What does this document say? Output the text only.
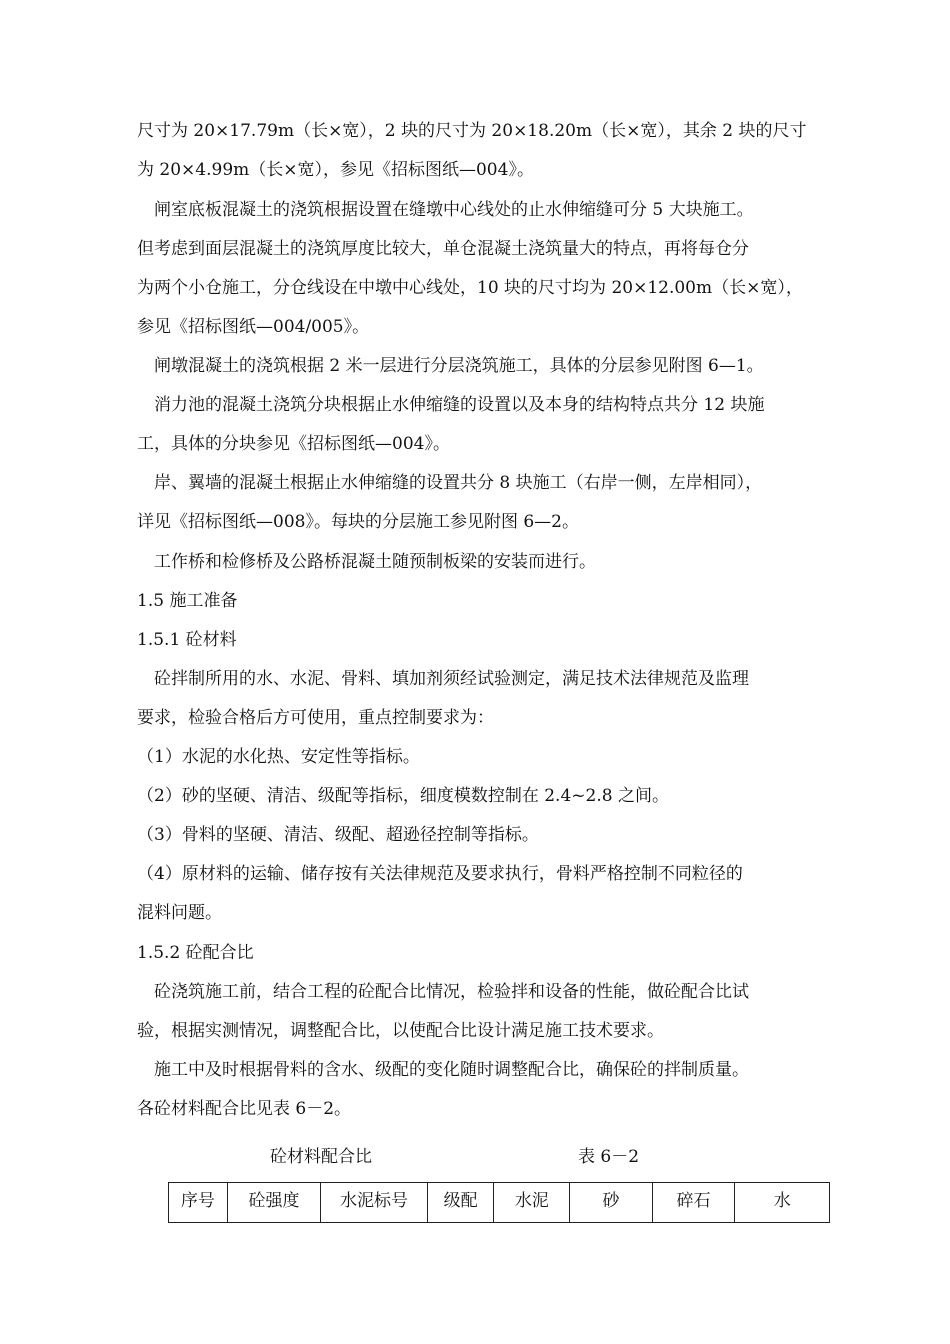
尺寸为 20×17.79m（长×宽），2 块的尺寸为 20×18.20m（长×宽），其余 2 块的尺寸
为 20×4.99m（长×宽），参见《招标图纸—004》。
　闸室底板混凝土的浇筑根据设置在缝墩中心线处的止水伸缩缝可分 5 大块施工。
但考虑到面层混凝土的浇筑厚度比较大，单仓混凝土浇筑量大的特点，再将每仓分
为两个小仓施工，分仓线设在中墩中心线处，10 块的尺寸均为 20×12.00m（长×宽），
参见《招标图纸—004/005》。
　闸墩混凝土的浇筑根据 2 米一层进行分层浇筑施工，具体的分层参见附图 6—1。
　消力池的混凝土浇筑分块根据止水伸缩缝的设置以及本身的结构特点共分 12 块施
工，具体的分块参见《招标图纸—004》。
　岸、翼墙的混凝土根据止水伸缩缝的设置共分 8 块施工（右岸一侧，左岸相同），
详见《招标图纸—008》。每块的分层施工参见附图 6—2。
　工作桥和检修桥及公路桥混凝土随预制板梁的安装而进行。
1.5 施工准备
1.5.1 砼材料
　砼拌制所用的水、水泥、骨料、填加剂须经试验测定，满足技术法律规范及监理
要求，检验合格后方可使用，重点控制要求为：
（1）水泥的水化热、安定性等指标。
（2）砂的坚硬、清洁、级配等指标，细度模数控制在 2.4~2.8 之间。
（3）骨料的坚硬、清洁、级配、超逊径控制等指标。
（4）原材料的运输、储存按有关法律规范及要求执行，骨料严格控制不同粒径的
混料问题。
1.5.2 砼配合比
　砼浇筑施工前，结合工程的砼配合比情况，检验拌和设备的性能，做砼配合比试
验，根据实测情况，调整配合比，以使配合比设计满足施工技术要求。
　施工中及时根据骨料的含水、级配的变化随时调整配合比，确保砼的拌制质量。
各砼材料配合比见表 6－2。
砼材料配合比	表 6－2
序号	砼强度	水泥标号	级配	水泥	砂	碎石	水
